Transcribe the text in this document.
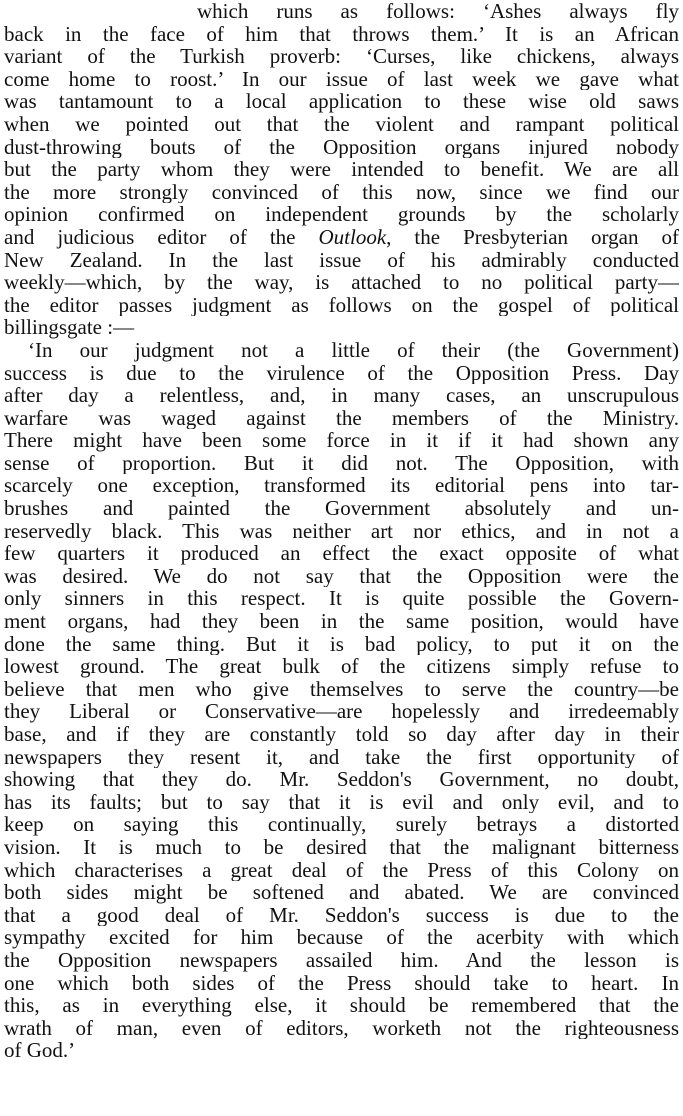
which runs as follows: ‘Ashes always fly
back in the face of him that throws them.’ It is an African
variant of the Turkish proverb: ‘Curses, like chickens, always
come home to roost.’ In our issue of last week we gave what
was tantamount to a local application to these wise old saws
when we pointed out that the violent and rampant political
dust-throwing bouts of the Opposition organs injured nobody
but the party whom they were intended to benefit. We are all
the more strongly convinced of this now, since we find our
opinion confirmed on independent grounds by the scholarly
and judicious editor of the Outlook, the Presbyterian organ of
New Zealand. In the last issue of his admirably conducted
weekly—which, by the way, is attached to no political party—
the editor passes judgment as follows on the gospel of political
billingsgate :—
‘In our judgment not a little of their (the Government)
success is due to the virulence of the Opposition Press. Day
after day a relentless, and, in many cases, an unscrupulous
warfare was waged against the members of the Ministry.
There might have been some force in it if it had shown any
sense of proportion. But it did not. The Opposition, with
scarcely one exception, transformed its editorial pens into tar-
brushes and painted the Government absolutely and un-
reservedly black. This was neither art nor ethics, and in not a
few quarters it produced an effect the exact opposite of what
was desired. We do not say that the Opposition were the
only sinners in this respect. It is quite possible the Govern-
ment organs, had they been in the same position, would have
done the same thing. But it is bad policy, to put it on the
lowest ground. The great bulk of the citizens simply refuse to
believe that men who give themselves to serve the country—be
they Liberal or Conservative—are hopelessly and irredeemably
base, and if they are constantly told so day after day in their
newspapers they resent it, and take the first opportunity of
showing that they do. Mr. Seddon's Government, no doubt,
has its faults; but to say that it is evil and only evil, and to
keep on saying this continually, surely betrays a distorted
vision. It is much to be desired that the malignant bitterness
which characterises a great deal of the Press of this Colony on
both sides might be softened and abated. We are convinced
that a good deal of Mr. Seddon's success is due to the
sympathy excited for him because of the acerbity with which
the Opposition newspapers assailed him. And the lesson is
one which both sides of the Press should take to heart. In
this, as in everything else, it should be remembered that the
wrath of man, even of editors, worketh not the righteousness
of God.’
